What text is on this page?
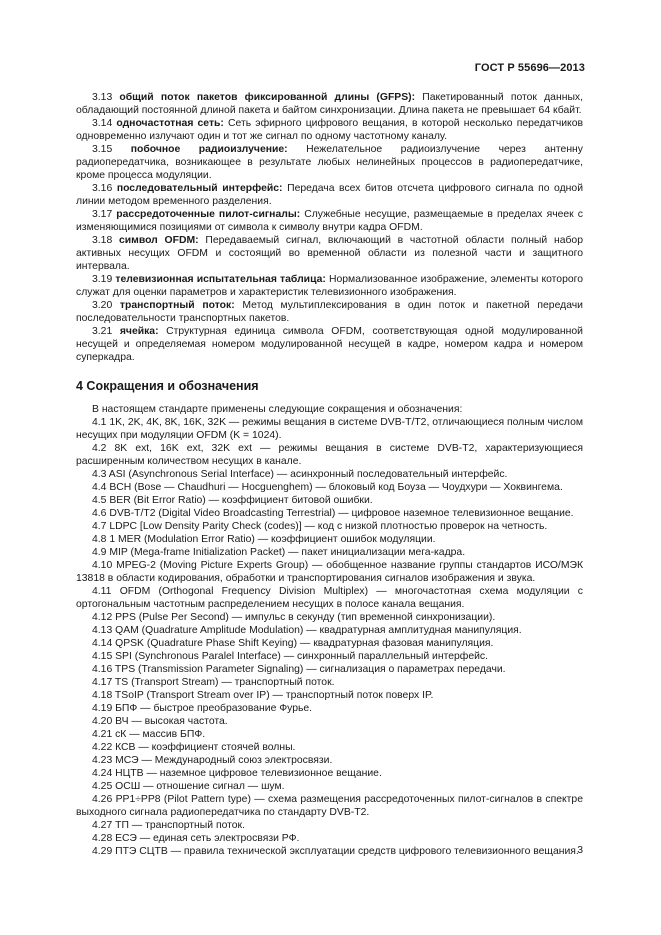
ГОСТ Р 55696—2013

3.13 общий поток пакетов фиксированной длины (GFPS): Пакетированный поток данных, обладающий постоянной длиной пакета и байтом синхронизации. Длина пакета не превышает 64 кбайт.

3.14 одночастотная сеть: Сеть эфирного цифрового вещания, в которой несколько передатчиков одновременно излучают один и тот же сигнал по одному частотному каналу.

3.15 побочное радиоизлучение: Нежелательное радиоизлучение через антенну радиопередатчика, возникающее в результате любых нелинейных процессов в радиопередатчике, кроме процесса модуляции.

3.16 последовательный интерфейс: Передача всех битов отсчета цифрового сигнала по одной линии методом временного разделения.

3.17 рассредоточенные пилот-сигналы: Служебные несущие, размещаемые в пределах ячеек с изменяющимися позициями от символа к символу внутри кадра OFDM.

3.18 символ OFDM: Передаваемый сигнал, включающий в частотной области полный набор активных несущих OFDM и состоящий во временной области из полезной части и защитного интервала.

3.19 телевизионная испытательная таблица: Нормализованное изображение, элементы которого служат для оценки параметров и характеристик телевизионного изображения.

3.20 транспортный поток: Метод мультиплексирования в один поток и пакетной передачи последовательности транспортных пакетов.

3.21 ячейка: Структурная единица символа OFDM, соответствующая одной модулированной несущей и определяемая номером модулированной несущей в кадре, номером кадра и номером суперкадра.

4 Сокращения и обозначения

В настоящем стандарте применены следующие сокращения и обозначения:

4.1 1K, 2K, 4K, 8K, 16K, 32K — режимы вещания в системе DVB-T/T2, отличающиеся полным числом несущих при модуляции OFDM (K = 1024).

4.2 8K ext, 16K ext, 32K ext — режимы вещания в системе DVB-T2, характеризующиеся расширенным количеством несущих в канале.

4.3 ASI (Asynchronous Serial Interface) — асинхронный последовательный интерфейс.

4.4 BCH (Bose — Chaudhuri — Hocguenghem) — блоковый код Боуза — Чоудхури — Хоквингема.

4.5 BER (Bit Error Ratio) — коэффициент битовой ошибки.

4.6 DVB-T/T2 (Digital Video Broadcasting Terrestrial) — цифровое наземное телевизионное вещание.

4.7 LDPC [Low Density Parity Check (codes)] — код с низкой плотностью проверок на четность.

4.8 1 MER (Modulation Error Ratio) — коэффициент ошибок модуляции.

4.9 MIP (Mega-frame Initialization Packet) — пакет инициализации мега-кадра.

4.10 MPEG-2 (Moving Picture Experts Group) — обобщенное название группы стандартов ИСО/МЭК 13818 в области кодирования, обработки и транспортирования сигналов изображения и звука.

4.11 OFDM (Orthogonal Frequency Division Multiplex) — многочастотная схема модуляции с ортогональным частотным распределением несущих в полосе канала вещания.

4.12 PPS (Pulse Per Second) — импульс в секунду (тип временной синхронизации).

4.13 QAM (Quadrature Amplitude Modulation) — квадратурная амплитудная манипуляция.

4.14 QPSK (Quadrature Phase Shift Keying) — квадратурная фазовая манипуляция.

4.15 SPI (Synchronous Paralel Interface) — синхронный параллельный интерфейс.

4.16 TPS (Transmission Parameter Signaling) — сигнализация о параметрах передачи.

4.17 TS (Transport Stream) — транспортный поток.

4.18 TSoIP (Transport Stream over IP) — транспортный поток поверх IP.

4.19 БПФ — быстрое преобразование Фурье.

4.20 ВЧ — высокая частота.

4.21 сК — массив БПФ.

4.22 КСВ — коэффициент стоячей волны.

4.23 МСЭ — Международный союз электросвязи.

4.24 НЦТВ — наземное цифровое телевизионное вещание.

4.25 ОСШ — отношение сигнал — шум.

4.26 PP1÷PP8 (Pilot Pattern type) — схема размещения рассредоточенных пилот-сигналов в спектре выходного сигнала радиопередатчика по стандарту DVB-T2.

4.27 ТП — транспортный поток.

4.28 ЕСЭ — единая сеть электросвязи РФ.

4.29 ПТЭ СЦТВ — правила технической эксплуатации средств цифрового телевизионного вещания.

3
